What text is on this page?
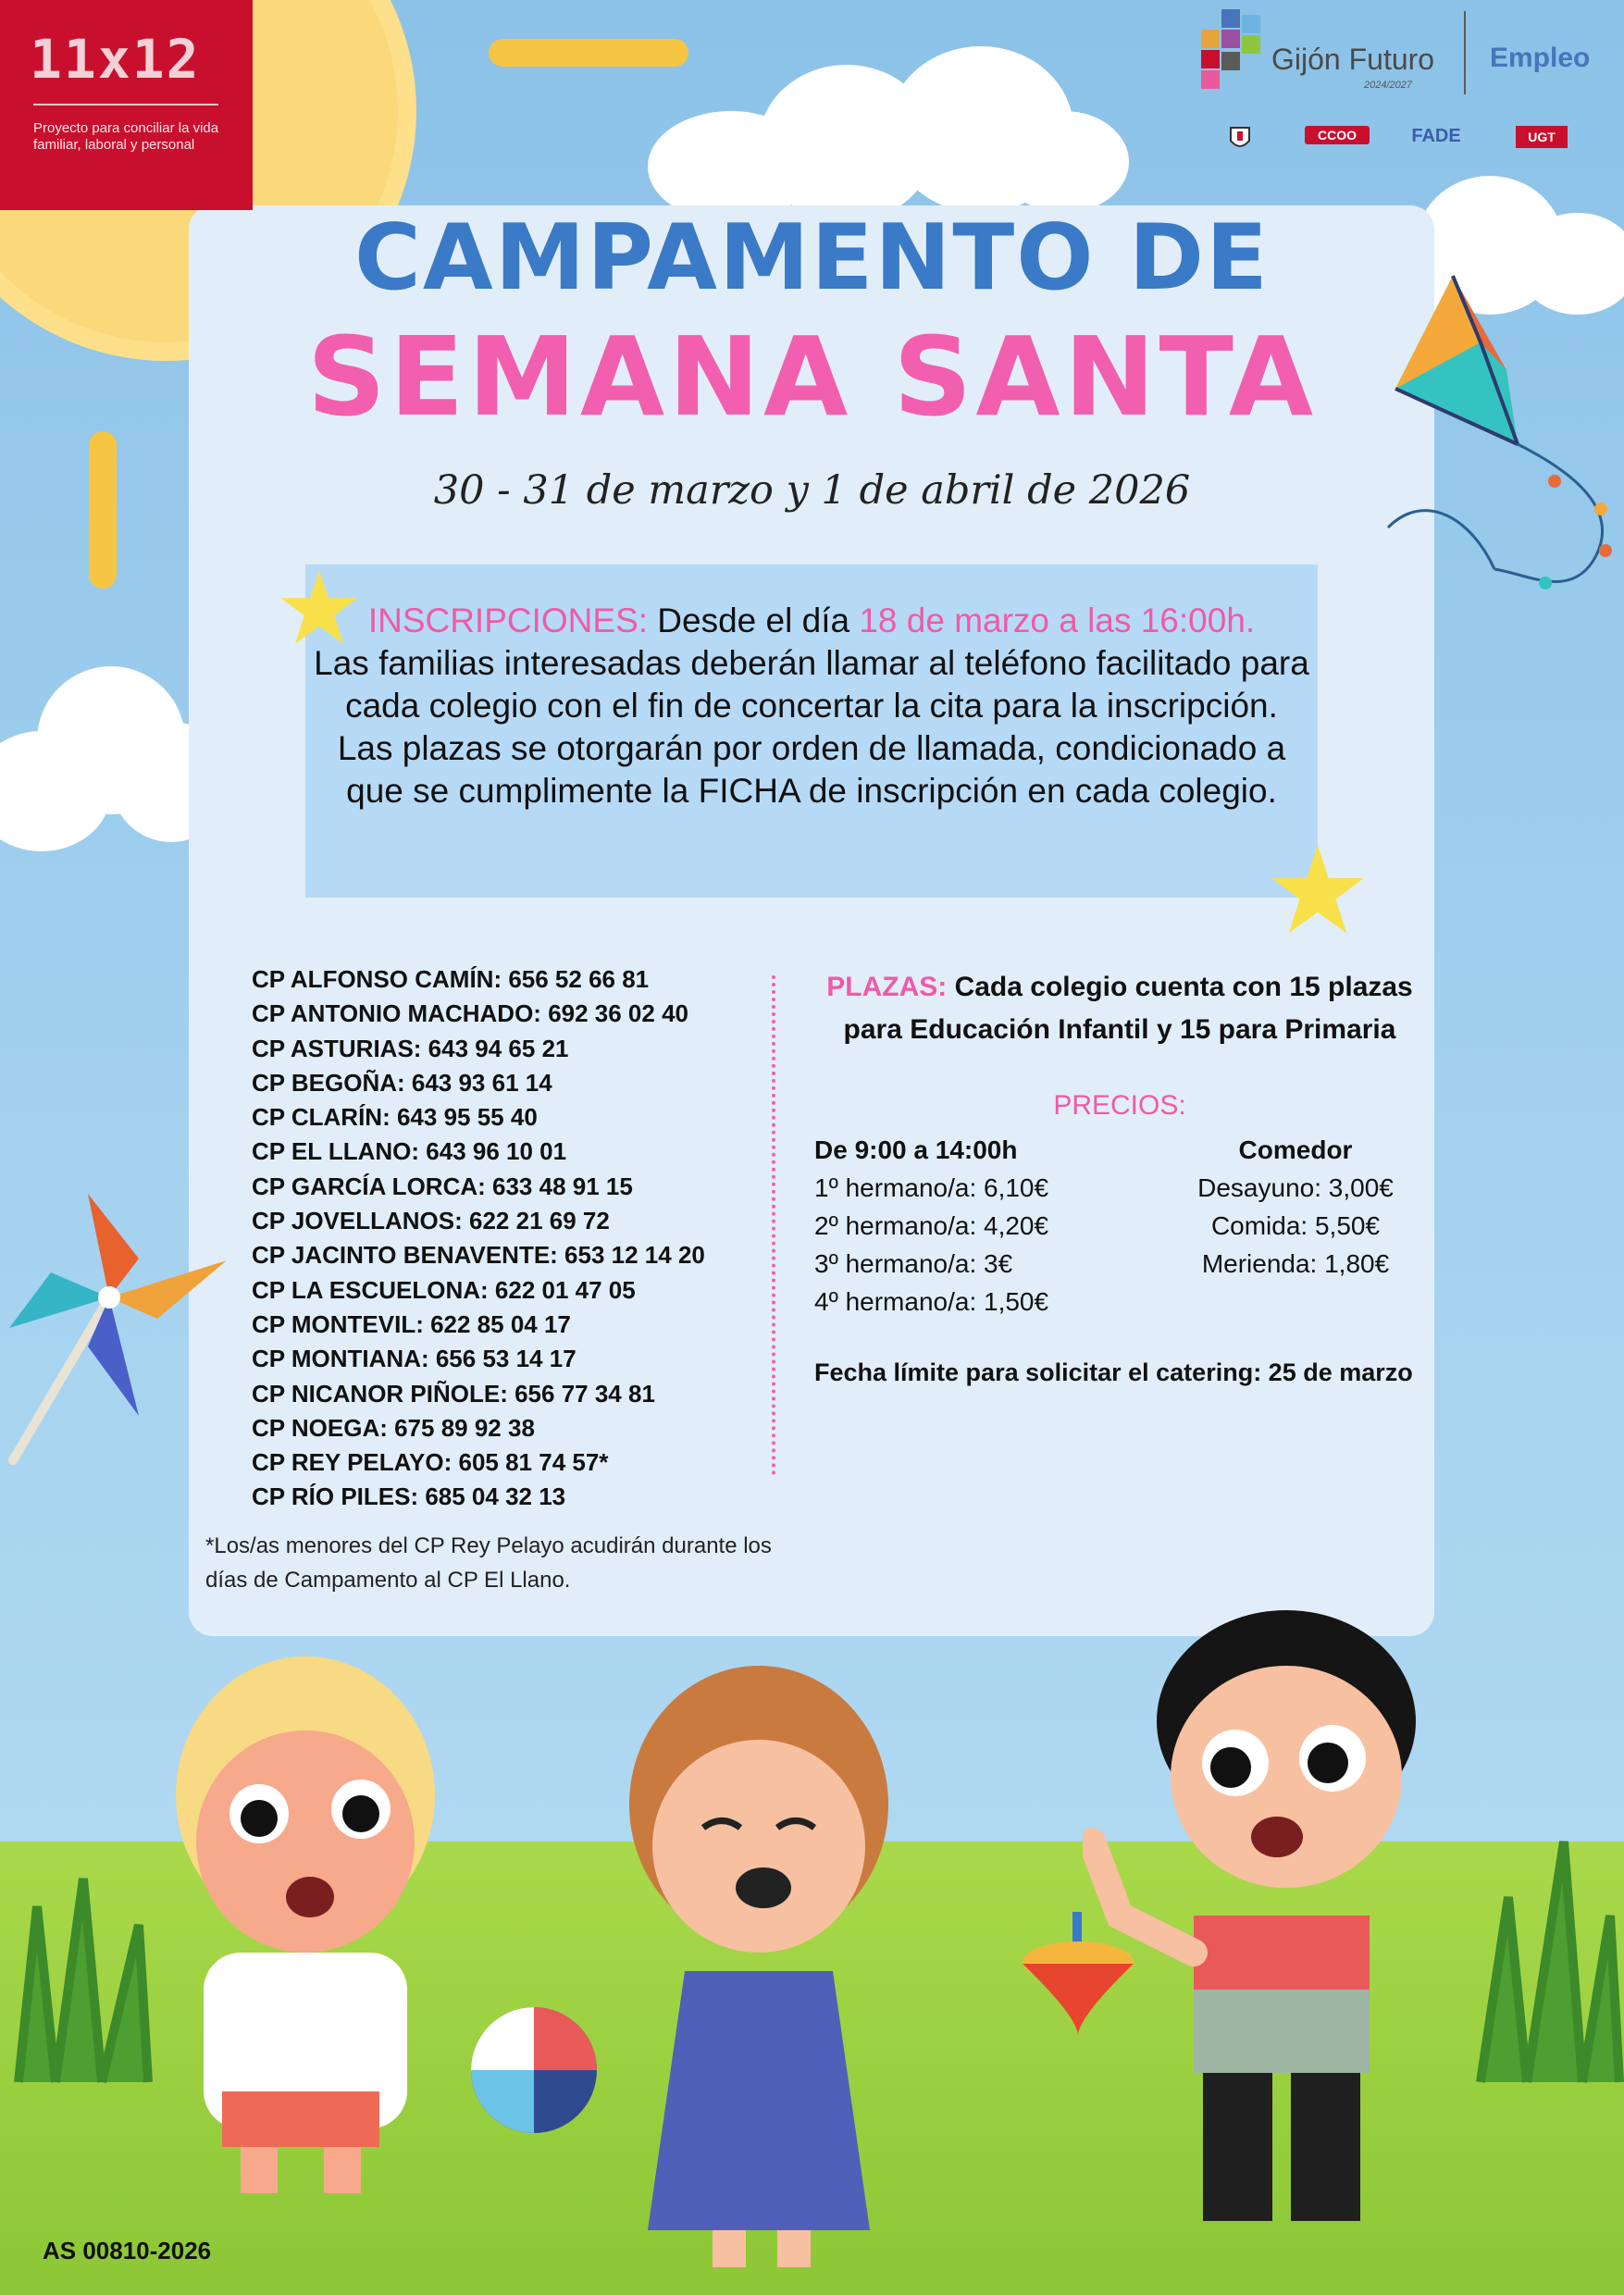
11x12
Proyecto para conciliar la vida familiar, laboral y personal
Gijón Futuro
2024/2027
Empleo
CCOO	FADE	UGT
CAMPAMENTO DE
SEMANA SANTA
30 - 31 de marzo y 1 de abril de 2026
INSCRIPCIONES: Desde el día 18 de marzo a las 16:00h.
Las familias interesadas deberán llamar al teléfono facilitado para cada colegio con el fin de concertar la cita para la inscripción.
Las plazas se otorgarán por orden de llamada, condicionado a que se cumplimente la FICHA de inscripción en cada colegio.
CP ALFONSO CAMÍN: 656 52 66 81
CP ANTONIO MACHADO: 692 36 02 40
CP ASTURIAS: 643 94 65 21
CP BEGOÑA: 643 93 61 14
CP CLARÍN: 643 95 55 40
CP EL LLANO: 643 96 10 01
CP GARCÍA LORCA: 633 48 91 15
CP JOVELLANOS: 622 21 69 72
CP JACINTO BENAVENTE: 653 12 14 20
CP LA ESCUELONA: 622 01 47 05
CP MONTEVIL: 622 85 04 17
CP MONTIANA: 656 53 14 17
CP NICANOR PIÑOLE: 656 77 34 81
CP NOEGA: 675 89 92 38
CP REY PELAYO: 605 81 74 57*
CP RÍO PILES: 685 04 32 13
PLAZAS: Cada colegio cuenta con 15 plazas
para Educación Infantil y 15 para Primaria
PRECIOS:
De 9:00 a 14:00h
1º hermano/a: 6,10€
2º hermano/a: 4,20€
3º hermano/a: 3€
4º hermano/a: 1,50€
Comedor
Desayuno: 3,00€
Comida: 5,50€
Merienda: 1,80€
Fecha límite para solicitar el catering: 25 de marzo
*Los/as menores del CP Rey Pelayo acudirán durante los días de Campamento al CP El Llano.
AS 00810-2026
